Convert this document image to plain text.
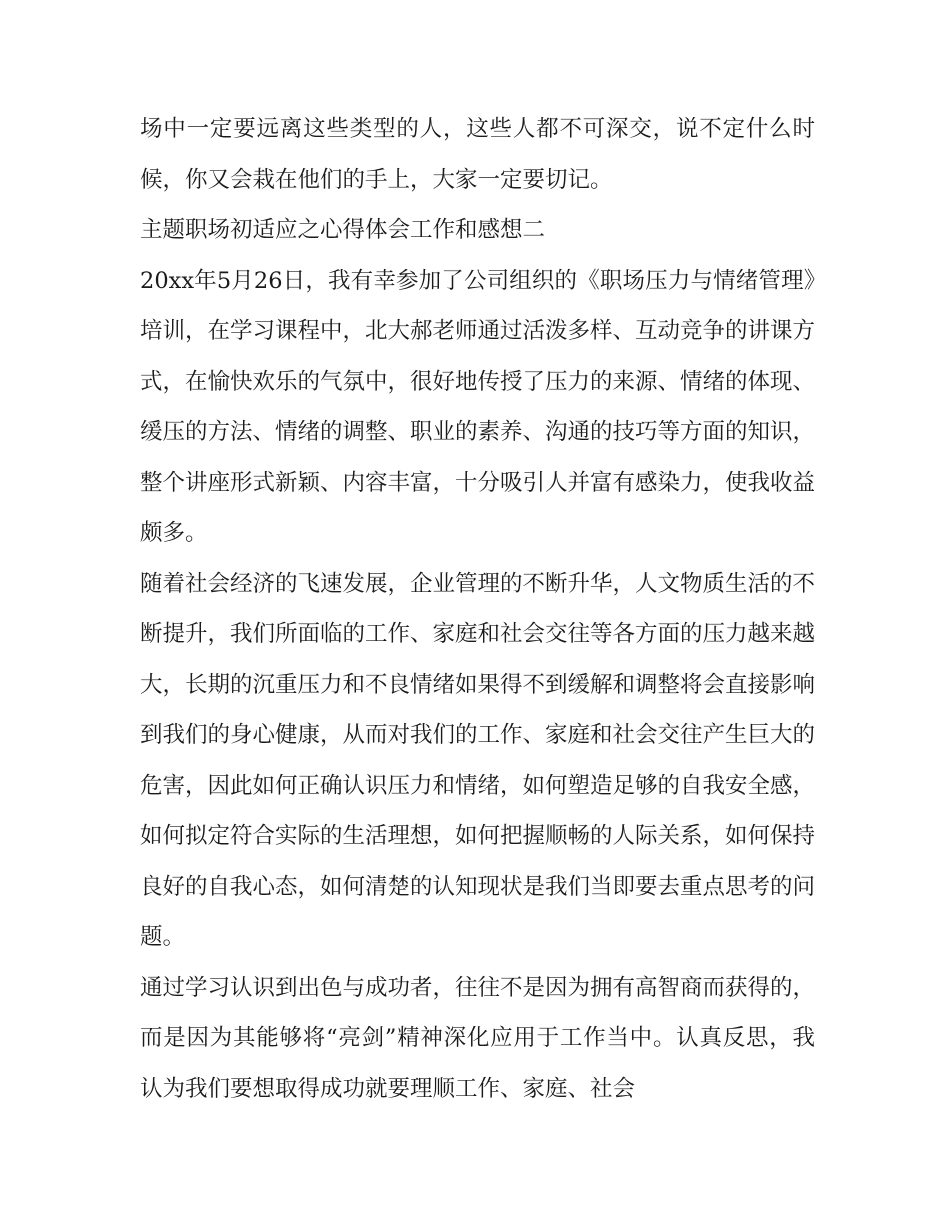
场中一定要远离这些类型的人，这些人都不可深交，说不定什么时候，你又会栽在他们的手上，大家一定要切记。

主题职场初适应之心得体会工作和感想二

20xx年5月26日，我有幸参加了公司组织的《职场压力与情绪管理》培训，在学习课程中，北大郝老师通过活泼多样、互动竞争的讲课方式，在愉快欢乐的气氛中，很好地传授了压力的来源、情绪的体现、缓压的方法、情绪的调整、职业的素养、沟通的技巧等方面的知识，整个讲座形式新颖、内容丰富，十分吸引人并富有感染力，使我收益颇多。

随着社会经济的飞速发展，企业管理的不断升华，人文物质生活的不断提升，我们所面临的工作、家庭和社会交往等各方面的压力越来越大，长期的沉重压力和不良情绪如果得不到缓解和调整将会直接影响到我们的身心健康，从而对我们的工作、家庭和社会交往产生巨大的危害，因此如何正确认识压力和情绪，如何塑造足够的自我安全感，如何拟定符合实际的生活理想，如何把握顺畅的人际关系，如何保持良好的自我心态，如何清楚的认知现状是我们当即要去重点思考的问题。

通过学习认识到出色与成功者，往往不是因为拥有高智商而获得的，而是因为其能够将“亮剑”精神深化应用于工作当中。认真反思，我认为我们要想取得成功就要理顺工作、家庭、社会
